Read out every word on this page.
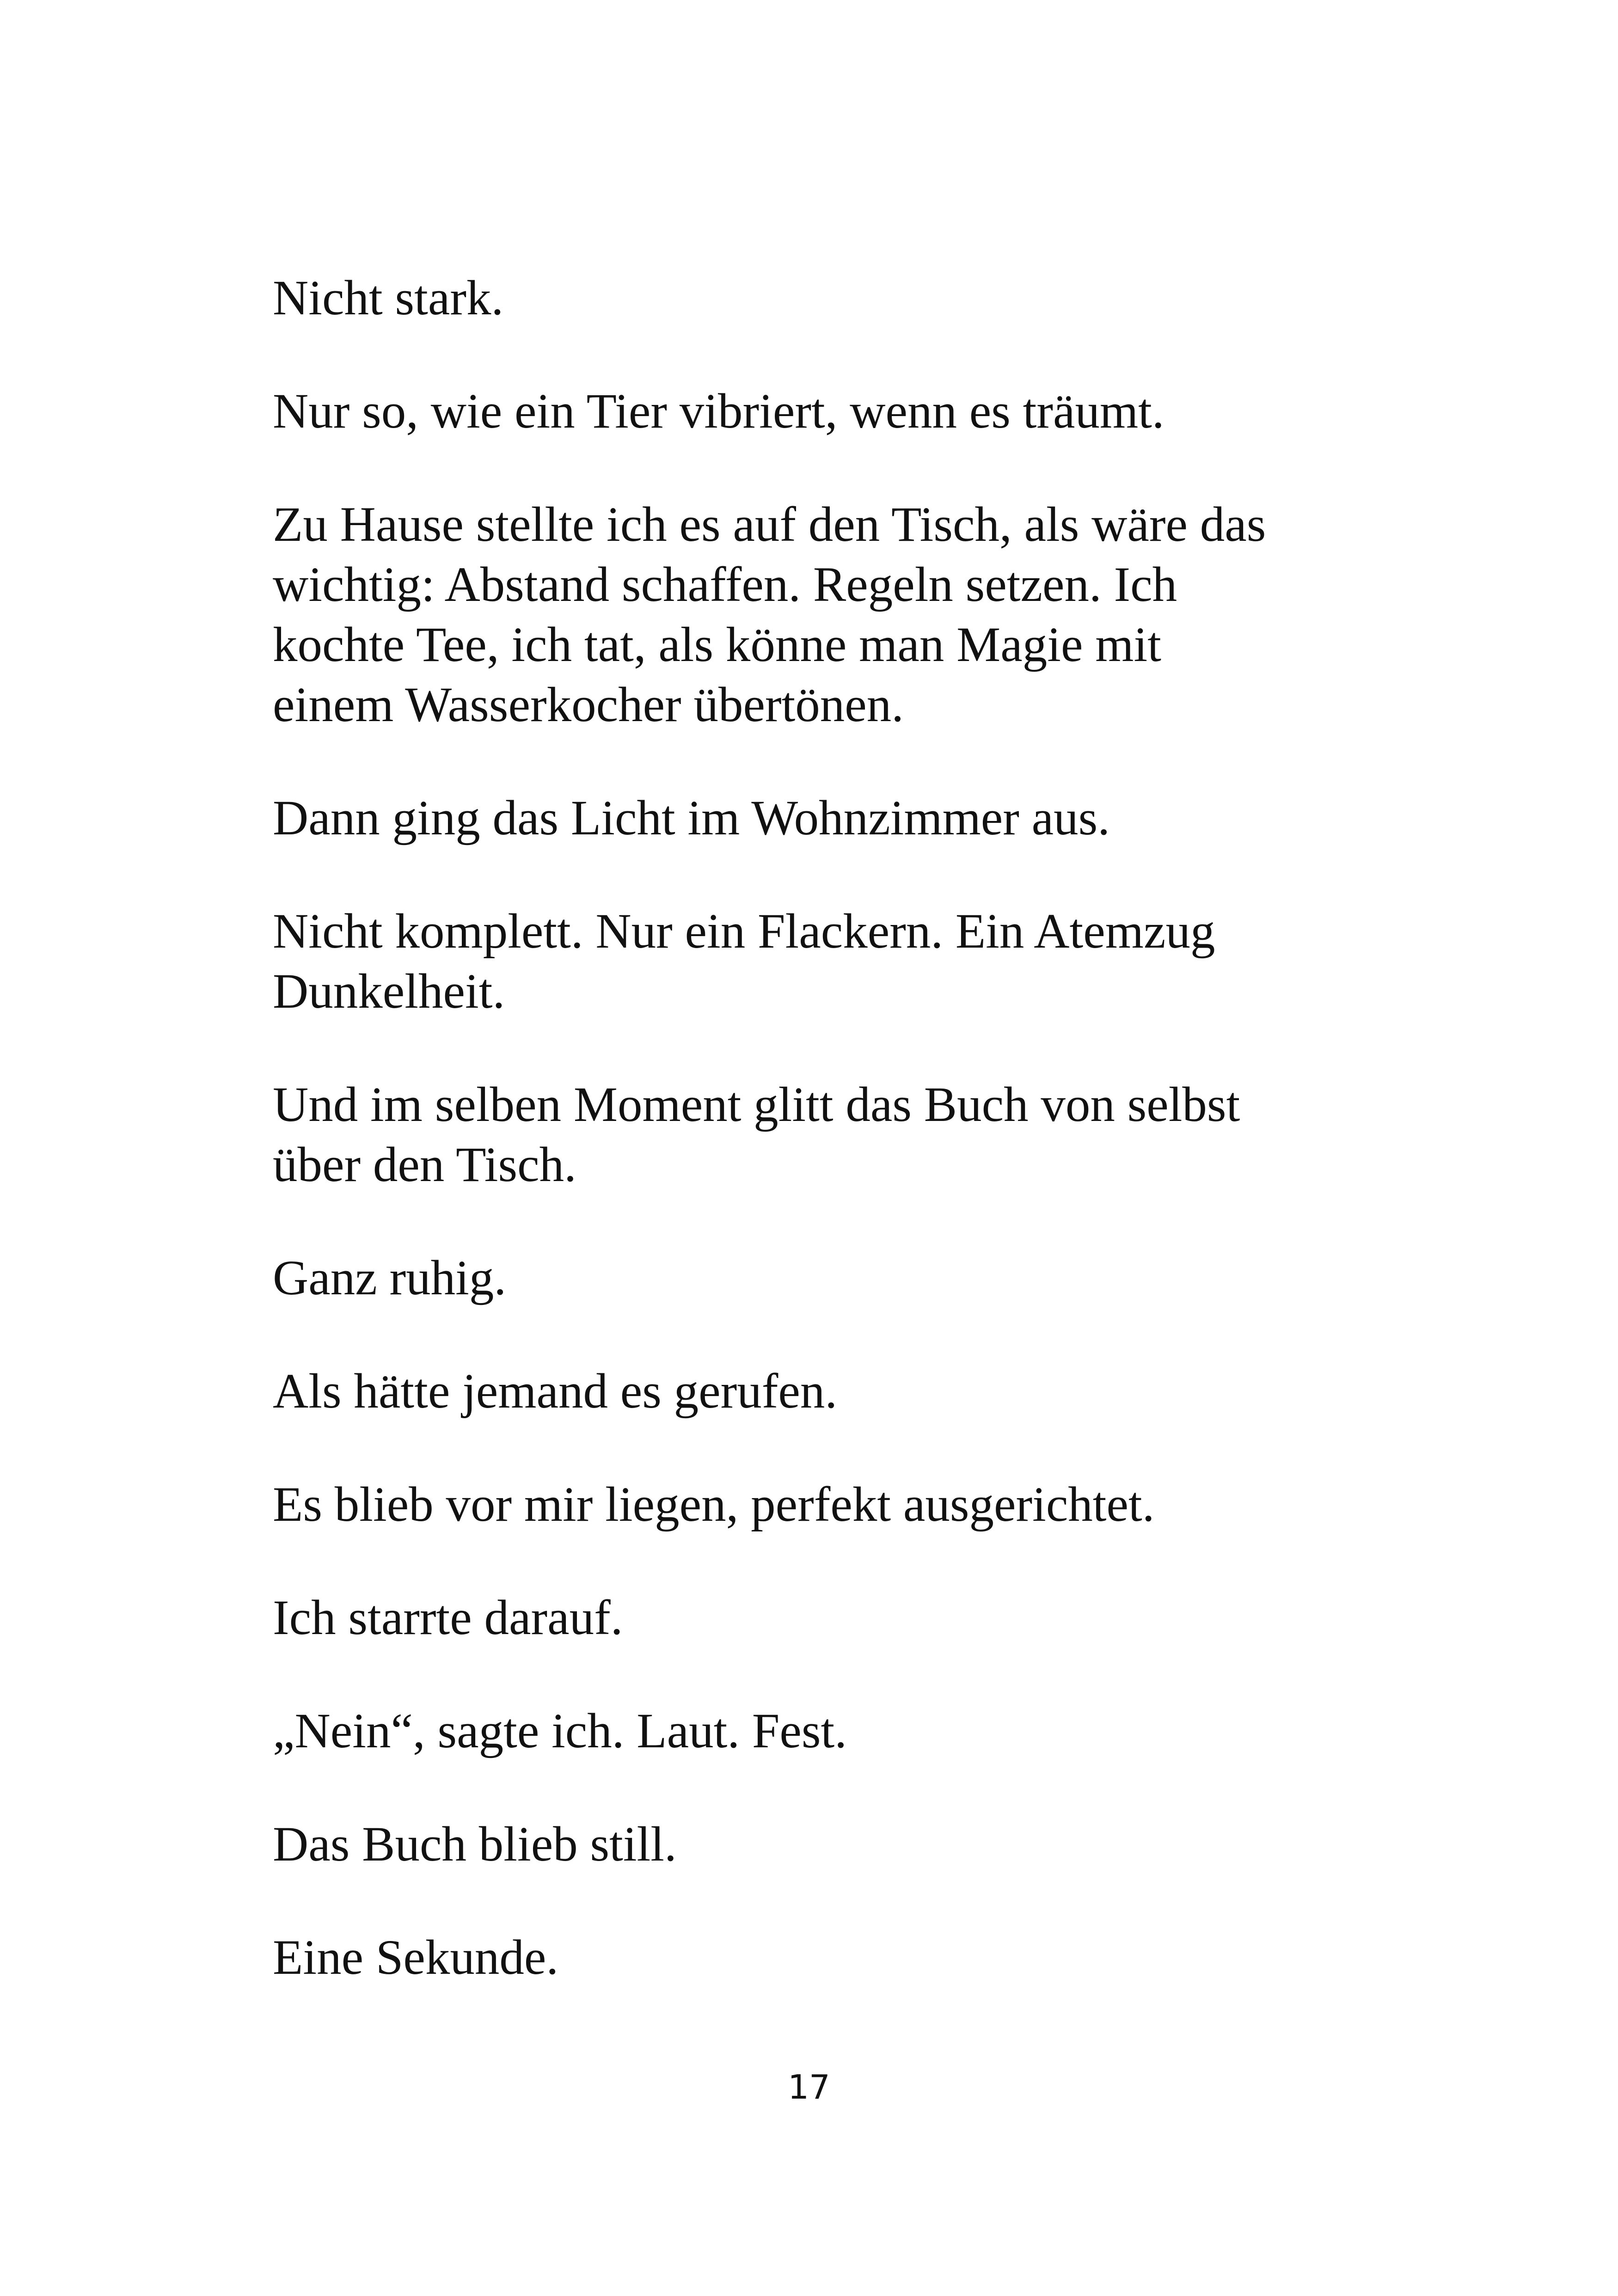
Nicht stark.

Nur so, wie ein Tier vibriert, wenn es träumt.

Zu Hause stellte ich es auf den Tisch, als wäre das
wichtig: Abstand schaffen. Regeln setzen. Ich
kochte Tee, ich tat, als könne man Magie mit
einem Wasserkocher übertönen.

Dann ging das Licht im Wohnzimmer aus.

Nicht komplett. Nur ein Flackern. Ein Atemzug
Dunkelheit.

Und im selben Moment glitt das Buch von selbst
über den Tisch.

Ganz ruhig.

Als hätte jemand es gerufen.

Es blieb vor mir liegen, perfekt ausgerichtet.

Ich starrte darauf.

„Nein“, sagte ich. Laut. Fest.

Das Buch blieb still.

Eine Sekunde.

17
